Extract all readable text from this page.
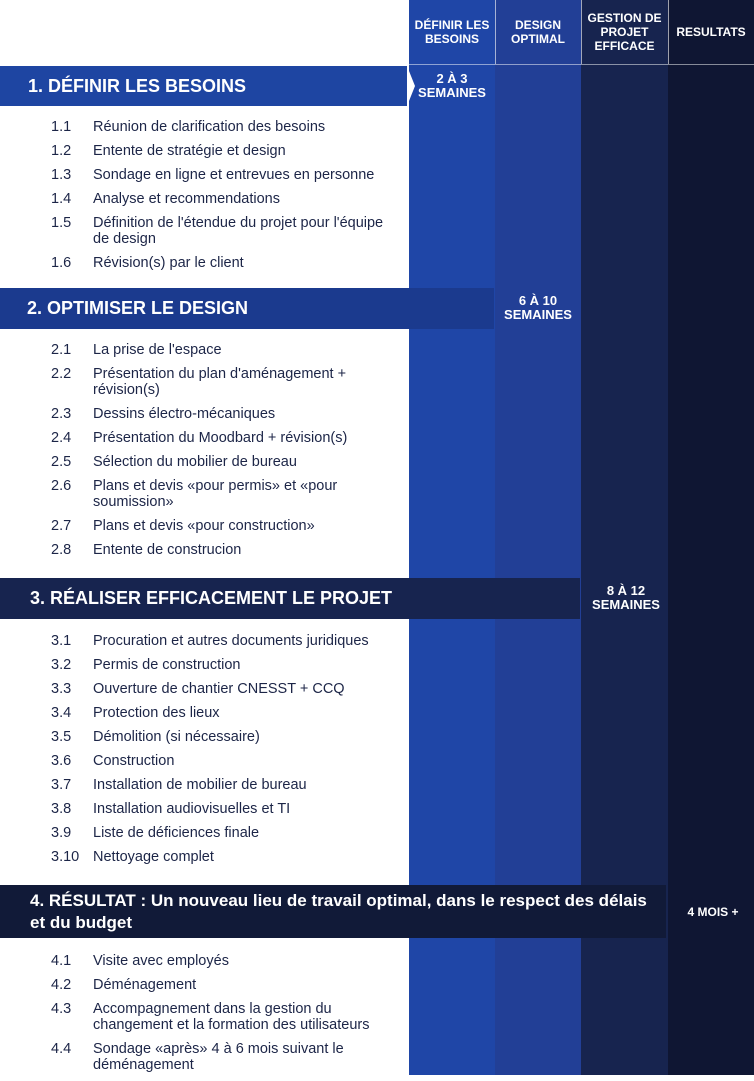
DÉFINIR LES BESOINS
DESIGN OPTIMAL
GESTION DE PROJET EFFICACE
RESULTATS
2 À 3 SEMAINES
6 À 10 SEMAINES
8 À 12 SEMAINES
4 MOIS +
1. DÉFINIR LES BESOINS
1.1	Réunion de clarification des besoins
1.2	Entente de stratégie et design
1.3	Sondage en ligne et entrevues en personne
1.4	Analyse et recommendations
1.5	Définition de l'étendue du projet pour l'équipe de design
1.6	Révision(s) par le client
2. OPTIMISER LE DESIGN
2.1	La prise de l'espace
2.2	Présentation du plan d'aménagement + révision(s)
2.3	Dessins électro-mécaniques
2.4	Présentation du Moodbard + révision(s)
2.5	Sélection du mobilier de bureau
2.6	Plans et devis «pour permis» et «pour soumission»
2.7	Plans et devis «pour construction»
2.8	Entente de construcion
3. RÉALISER EFFICACEMENT LE PROJET
3.1	Procuration et autres documents juridiques
3.2	Permis de construction
3.3	Ouverture de chantier CNESST + CCQ
3.4	Protection des lieux
3.5	Démolition (si nécessaire)
3.6	Construction
3.7	Installation de mobilier de bureau
3.8	Installation audiovisuelles et TI
3.9	Liste de déficiences finale
3.10 Nettoyage complet
4. RÉSULTAT : Un nouveau lieu de travail optimal, dans le respect des délais et du budget
4.1	Visite avec employés
4.2	Déménagement
4.3	Accompagnement dans la gestion du changement et la formation des utilisateurs
4.4	Sondage «après» 4 à 6 mois suivant le déménagement
